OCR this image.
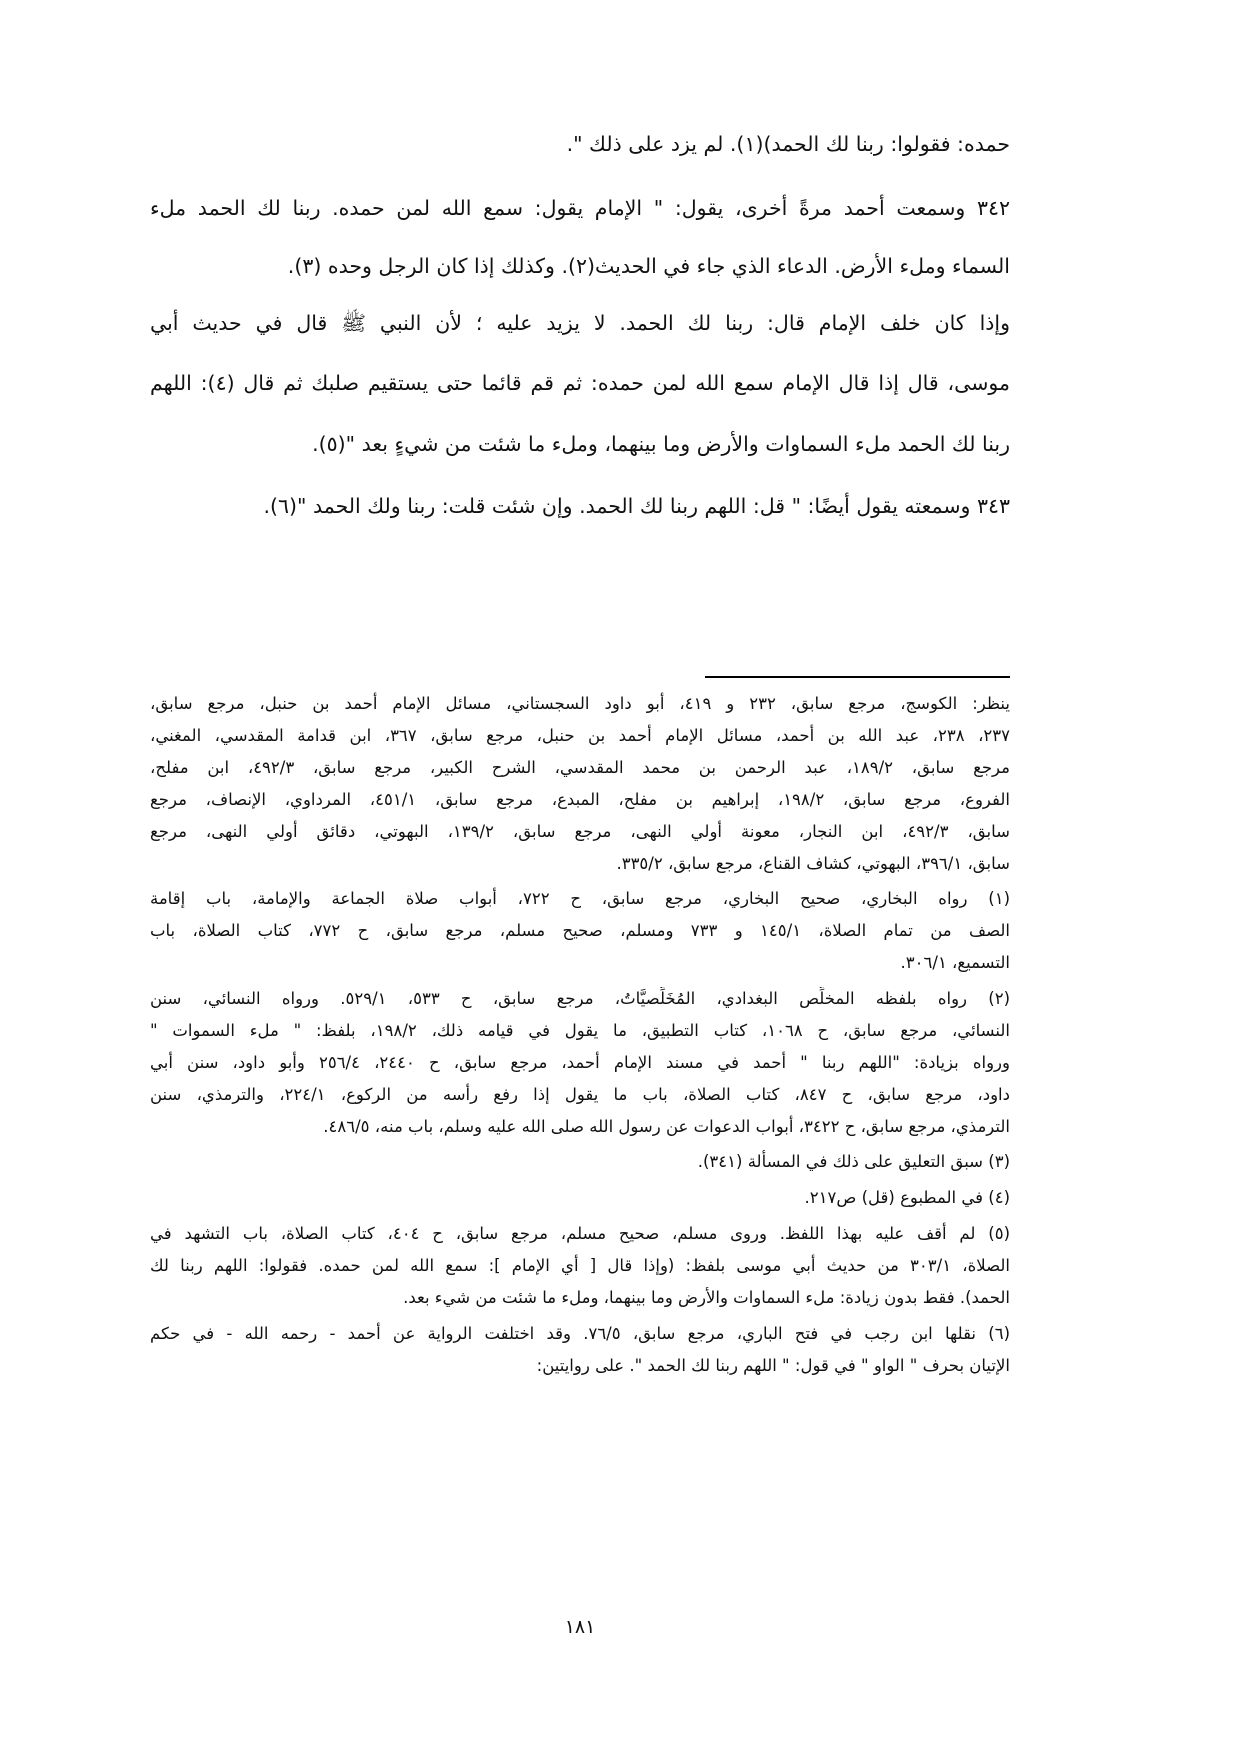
حمده: فقولوا: ربنا لك الحمد)(١). لم يزد على ذلك ".

٣٤٢ وسمعت أحمد مرةً أخرى، يقول: " الإمام يقول: سمع الله لمن حمده. ربنا لك الحمد ملء

السماء وملء الأرض. الدعاء الذي جاء في الحديث(٢). وكذلك إذا كان الرجل وحده (٣).

وإذا كان خلف الإمام قال: ربنا لك الحمد. لا يزيد عليه ؛ لأن النبي ﷺ قال في حديث أبي

موسى، قال إذا قال الإمام سمع الله لمن حمده: ثم قم قائما حتى يستقيم صلبك ثم قال (٤): اللهم

ربنا لك الحمد ملء السماوات والأرض وما بينهما، وملء ما شئت من شيءٍ بعد "(٥).

٣٤٣ وسمعته يقول أيضًا: " قل: اللهم ربنا لك الحمد. وإن شئت قلت: ربنا ولك الحمد "(٦).

ينظر: الكوسج، مرجع سابق، ٢٣٢ و ٤١٩، أبو داود السجستاني، مسائل الإمام أحمد بن حنبل، مرجع سابق،
٢٣٧، ٢٣٨، عبد الله بن أحمد، مسائل الإمام أحمد بن حنبل، مرجع سابق، ٣٦٧، ابن قدامة المقدسي، المغني،
مرجع سابق، ١٨٩/٢، عبد الرحمن بن محمد المقدسي، الشرح الكبير، مرجع سابق، ٤٩٢/٣، ابن مفلح،
الفروع، مرجع سابق، ١٩٨/٢، إبراهيم بن مفلح، المبدع، مرجع سابق، ٤٥١/١، المرداوي، الإنصاف، مرجع
سابق، ٤٩٢/٣، ابن النجار، معونة أولي النهى، مرجع سابق، ١٣٩/٢، البهوتي، دقائق أولي النهى، مرجع
سابق، ٣٩٦/١، البهوتي، كشاف القناع، مرجع سابق، ٣٣٥/٢.
(١) رواه البخاري، صحيح البخاري، مرجع سابق، ح ٧٢٢، أبواب صلاة الجماعة والإمامة، باب إقامة
الصف من تمام الصلاة، ١٤٥/١ و ٧٣٣ ومسلم، صحيح مسلم، مرجع سابق، ح ٧٧٢، كتاب الصلاة، باب
التسميع، ٣٠٦/١.
(٢) رواه بلفظه المخلِّص البغدادي، المُخَلِّصيَّاتُ، مرجع سابق، ح ٥٣٣، ٥٢٩/١. ورواه النسائي، سنن
النسائي، مرجع سابق، ح ١٠٦٨، كتاب التطبيق، ما يقول في قيامه ذلك، ١٩٨/٢، بلفظ: " ملء السموات "
ورواه بزيادة: "اللهم ربنا " أحمد في مسند الإمام أحمد، مرجع سابق، ح ٢٤٤٠، ٢٥٦/٤ وأبو داود، سنن أبي
داود، مرجع سابق، ح ٨٤٧، كتاب الصلاة، باب ما يقول إذا رفع رأسه من الركوع، ٢٢٤/١، والترمذي، سنن
الترمذي، مرجع سابق، ح ٣٤٢٢، أبواب الدعوات عن رسول الله صلى الله عليه وسلم، باب منه، ٤٨٦/٥.
(٣) سبق التعليق على ذلك في المسألة (٣٤١).
(٤) في المطبوع (قل) ص٢١٧.
(٥) لم أقف عليه بهذا اللفظ. وروى مسلم، صحيح مسلم، مرجع سابق، ح ٤٠٤، كتاب الصلاة، باب التشهد في
الصلاة، ٣٠٣/١ من حديث أبي موسى بلفظ: (وإذا قال [ أي الإمام ]: سمع الله لمن حمده. فقولوا: اللهم ربنا لك
الحمد). فقط بدون زيادة: ملء السماوات والأرض وما بينهما، وملء ما شئت من شيء بعد.
(٦) نقلها ابن رجب في فتح الباري، مرجع سابق، ٧٦/٥. وقد اختلفت الرواية عن أحمد - رحمه الله - في حكم
الإتيان بحرف " الواو " في قول: " اللهم ربنا لك الحمد ". على روايتين:
١٨١
